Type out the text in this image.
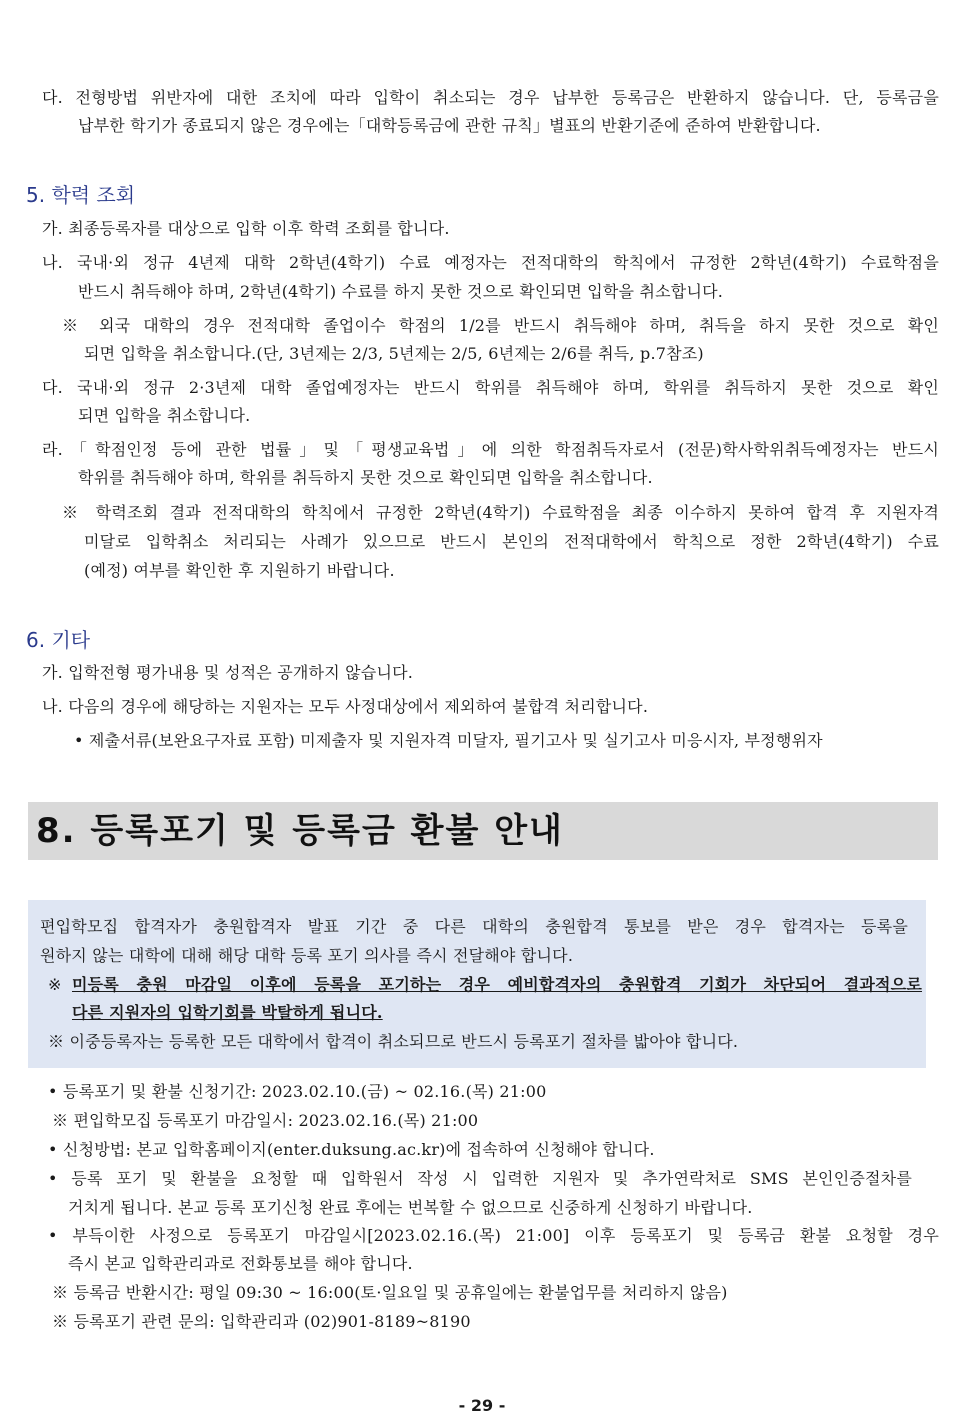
다. 전형방법 위반자에 대한 조치에 따라 입학이 취소되는 경우 납부한 등록금은 반환하지 않습니다. 단, 등록금을
납부한 학기가 종료되지 않은 경우에는「대학등록금에 관한 규칙」별표의 반환기준에 준하여 반환합니다.
5. 학력 조회
가. 최종등록자를 대상으로 입학 이후 학력 조회를 합니다.
나. 국내·외 정규 4년제 대학 2학년(4학기) 수료 예정자는 전적대학의 학칙에서 규정한 2학년(4학기) 수료학점을
반드시 취득해야 하며, 2학년(4학기) 수료를 하지 못한 것으로 확인되면 입학을 취소합니다.
※ 외국 대학의 경우 전적대학 졸업이수 학점의 1/2를 반드시 취득해야 하며, 취득을 하지 못한 것으로 확인
되면 입학을 취소합니다.(단, 3년제는 2/3, 5년제는 2/5, 6년제는 2/6를 취득, p.7참조)
다. 국내·외 정규 2·3년제 대학 졸업예정자는 반드시 학위를 취득해야 하며, 학위를 취득하지 못한 것으로 확인
되면 입학을 취소합니다.
라.「학점인정 등에 관한 법률」및「평생교육법」에 의한 학점취득자로서 (전문)학사학위취득예정자는 반드시
학위를 취득해야 하며, 학위를 취득하지 못한 것으로 확인되면 입학을 취소합니다.
※ 학력조회 결과 전적대학의 학칙에서 규정한 2학년(4학기) 수료학점을 최종 이수하지 못하여 합격 후 지원자격
미달로 입학취소 처리되는 사례가 있으므로 반드시 본인의 전적대학에서 학칙으로 정한 2학년(4학기) 수료
(예정) 여부를 확인한 후 지원하기 바랍니다.
6. 기타
가. 입학전형 평가내용 및 성적은 공개하지 않습니다.
나. 다음의 경우에 해당하는 지원자는 모두 사정대상에서 제외하여 불합격 처리합니다.
• 제출서류(보완요구자료 포함) 미제출자 및 지원자격 미달자, 필기고사 및 실기고사 미응시자, 부정행위자
8. 등록포기 및 등록금 환불 안내
편입학모집 합격자가 충원합격자 발표 기간 중 다른 대학의 충원합격 통보를 받은 경우 합격자는 등록을
원하지 않는 대학에 대해 해당 대학 등록 포기 의사를 즉시 전달해야 합니다.
※ 미등록 충원 마감일 이후에 등록을 포기하는 경우 예비합격자의 충원합격 기회가 차단되어 결과적으로
다른 지원자의 입학기회를 박탈하게 됩니다.
※ 이중등록자는 등록한 모든 대학에서 합격이 취소되므로 반드시 등록포기 절차를 밟아야 합니다.
• 등록포기 및 환불 신청기간: 2023.02.10.(금) ~ 02.16.(목) 21:00
※ 편입학모집 등록포기 마감일시: 2023.02.16.(목) 21:00
• 신청방법: 본교 입학홈페이지(enter.duksung.ac.kr)에 접속하여 신청해야 합니다.
• 등록 포기 및 환불을 요청할 때 입학원서 작성 시 입력한 지원자 및 추가연락처로 SMS 본인인증절차를
거치게 됩니다. 본교 등록 포기신청 완료 후에는 번복할 수 없으므로 신중하게 신청하기 바랍니다.
• 부득이한 사정으로 등록포기 마감일시[2023.02.16.(목) 21:00] 이후 등록포기 및 등록금 환불 요청할 경우
즉시 본교 입학관리과로 전화통보를 해야 합니다.
※ 등록금 반환시간: 평일 09:30 ~ 16:00(토·일요일 및 공휴일에는 환불업무를 처리하지 않음)
※ 등록포기 관련 문의: 입학관리과 (02)901-8189~8190
- 29 -
